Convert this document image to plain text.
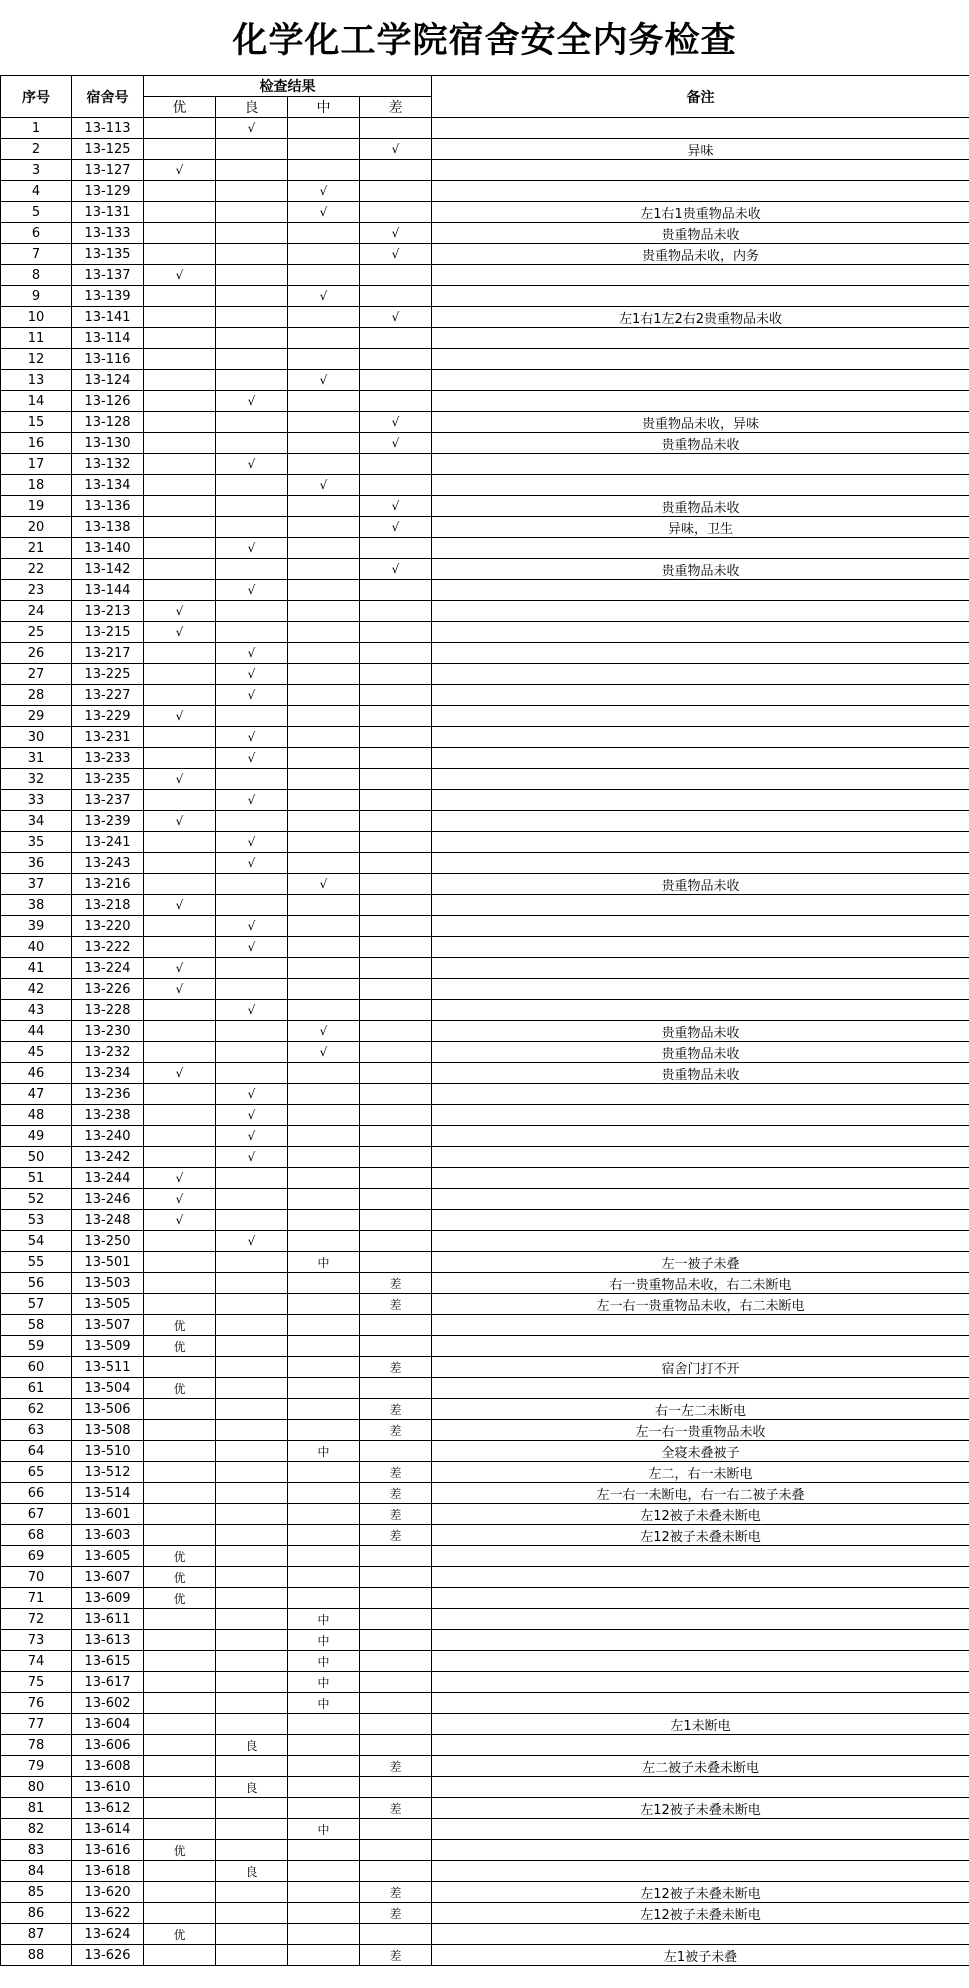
化学化工学院宿舍安全内务检查
序号	宿舍号	检查结果				备注
		优	良	中	差	
1	13-113		√			
2	13-125				√	异味
3	13-127	√				
4	13-129			√		
5	13-131			√		左1右1贵重物品未收
6	13-133				√	贵重物品未收
7	13-135				√	贵重物品未收，内务
8	13-137	√				
9	13-139			√		
10	13-141				√	左1右1左2右2贵重物品未收
11	13-114					
12	13-116					
13	13-124			√		
14	13-126		√			
15	13-128				√	贵重物品未收，异味
16	13-130				√	贵重物品未收
17	13-132		√			
18	13-134			√		
19	13-136				√	贵重物品未收
20	13-138				√	异味，卫生
21	13-140		√			
22	13-142				√	贵重物品未收
23	13-144		√			
24	13-213	√				
25	13-215	√				
26	13-217		√			
27	13-225		√			
28	13-227		√			
29	13-229	√				
30	13-231		√			
31	13-233		√			
32	13-235	√				
33	13-237		√			
34	13-239	√				
35	13-241		√			
36	13-243		√			
37	13-216			√		贵重物品未收
38	13-218	√				
39	13-220		√			
40	13-222		√			
41	13-224	√				
42	13-226	√				
43	13-228		√			
44	13-230			√		贵重物品未收
45	13-232			√		贵重物品未收
46	13-234	√				贵重物品未收
47	13-236		√			
48	13-238		√			
49	13-240		√			
50	13-242		√			
51	13-244	√				
52	13-246	√				
53	13-248	√				
54	13-250		√			
55	13-501			中		左一被子未叠
56	13-503				差	右一贵重物品未收，右二未断电
57	13-505				差	左一右一贵重物品未收，右二未断电
58	13-507	优				
59	13-509	优				
60	13-511				差	宿舍门打不开
61	13-504	优				
62	13-506				差	右一左二未断电
63	13-508				差	左一右一贵重物品未收
64	13-510			中		全寝未叠被子
65	13-512				差	左二，右一未断电
66	13-514				差	左一右一未断电，右一右二被子未叠
67	13-601				差	左12被子未叠未断电
68	13-603				差	左12被子未叠未断电
69	13-605	优				
70	13-607	优				
71	13-609	优				
72	13-611			中		
73	13-613			中		
74	13-615			中		
75	13-617			中		
76	13-602			中		
77	13-604					左1未断电
78	13-606		良			
79	13-608				差	左二被子未叠未断电
80	13-610		良			
81	13-612				差	左12被子未叠未断电
82	13-614			中		
83	13-616	优				
84	13-618		良			
85	13-620				差	左12被子未叠未断电
86	13-622				差	左12被子未叠未断电
87	13-624	优				
88	13-626				差	左1被子未叠
